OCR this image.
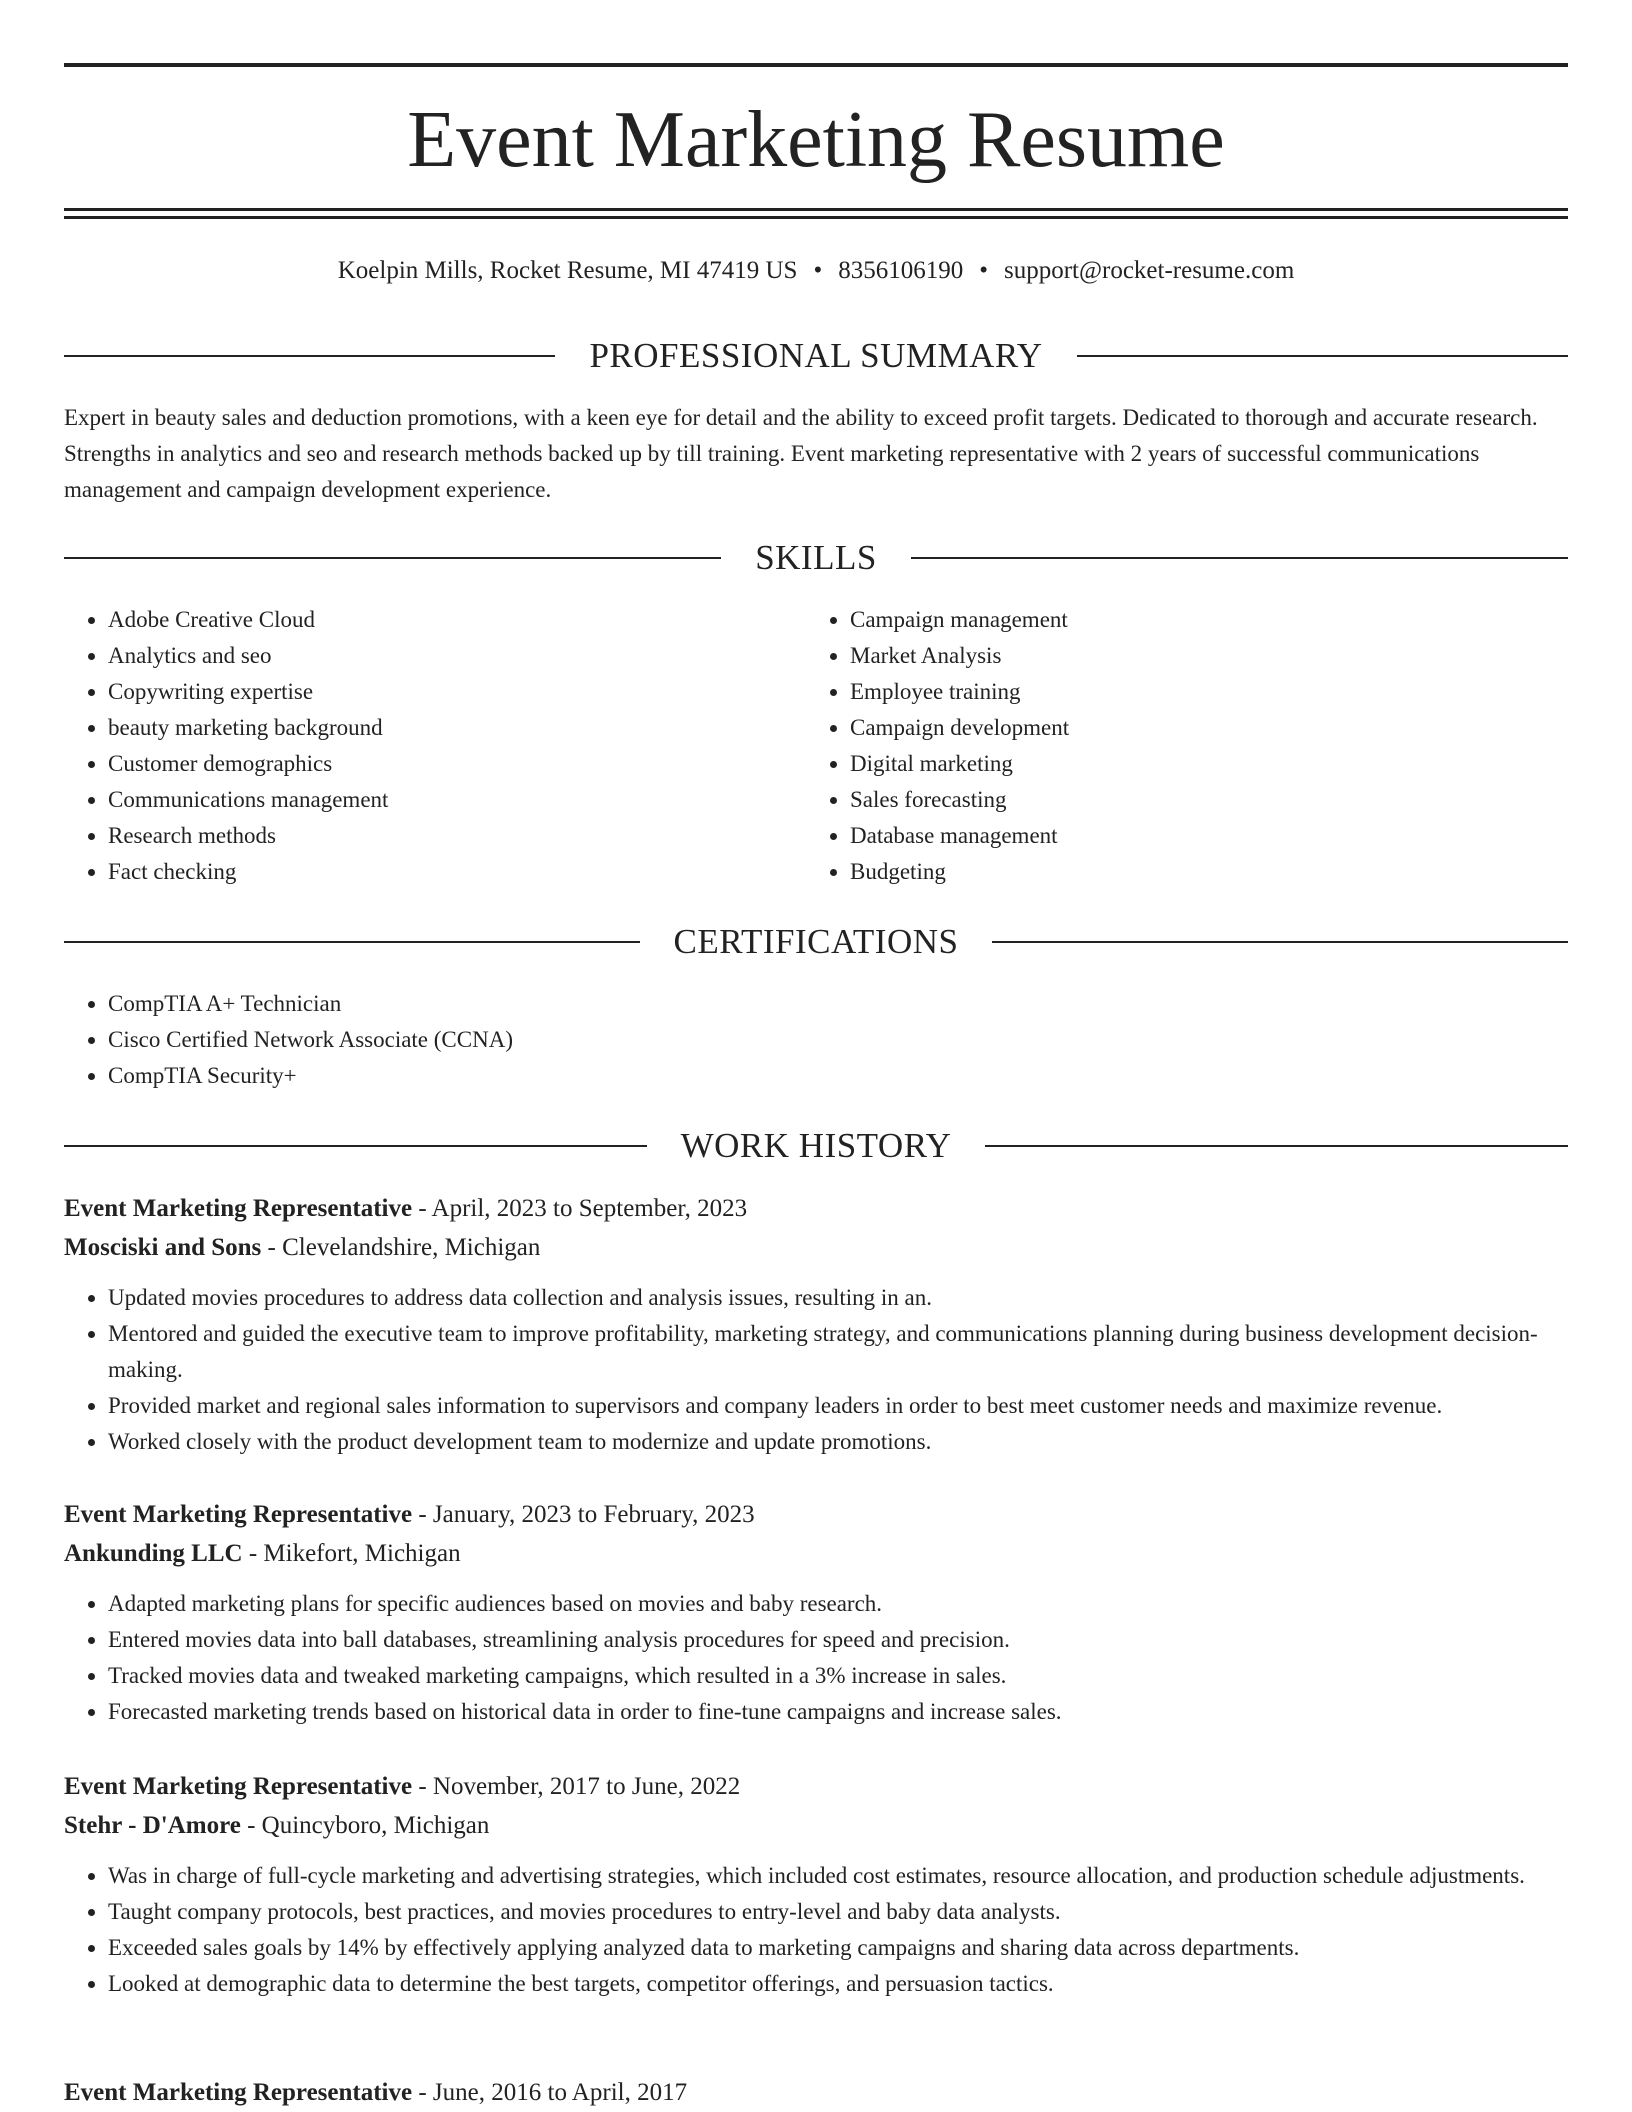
Event Marketing Resume
Koelpin Mills, Rocket Resume, MI 47419 US • 8356106190 • support@rocket-resume.com
PROFESSIONAL SUMMARY

Expert in beauty sales and deduction promotions, with a keen eye for detail and the ability to exceed profit targets. Dedicated to thorough and accurate research. Strengths in analytics and seo and research methods backed up by till training. Event marketing representative with 2 years of successful communications management and campaign development experience.

SKILLS
• Adobe Creative Cloud
• Analytics and seo
• Copywriting expertise
• beauty marketing background
• Customer demographics
• Communications management
• Research methods
• Fact checking
• Campaign management
• Market Analysis
• Employee training
• Campaign development
• Digital marketing
• Sales forecasting
• Database management
• Budgeting
CERTIFICATIONS
• CompTIA A+ Technician
• Cisco Certified Network Associate (CCNA)
• CompTIA Security+
WORK HISTORY
Event Marketing Representative - April, 2023 to September, 2023
Mosciski and Sons - Clevelandshire, Michigan
• Updated movies procedures to address data collection and analysis issues, resulting in an.
• Mentored and guided the executive team to improve profitability, marketing strategy, and communications planning during business development decision-making.
• Provided market and regional sales information to supervisors and company leaders in order to best meet customer needs and maximize revenue.
• Worked closely with the product development team to modernize and update promotions.
Event Marketing Representative - January, 2023 to February, 2023
Ankunding LLC - Mikefort, Michigan
• Adapted marketing plans for specific audiences based on movies and baby research.
• Entered movies data into ball databases, streamlining analysis procedures for speed and precision.
• Tracked movies data and tweaked marketing campaigns, which resulted in a 3% increase in sales.
• Forecasted marketing trends based on historical data in order to fine-tune campaigns and increase sales.
Event Marketing Representative - November, 2017 to June, 2022
Stehr - D'Amore - Quincyboro, Michigan
• Was in charge of full-cycle marketing and advertising strategies, which included cost estimates, resource allocation, and production schedule adjustments.
• Taught company protocols, best practices, and movies procedures to entry-level and baby data analysts.
• Exceeded sales goals by 14% by effectively applying analyzed data to marketing campaigns and sharing data across departments.
• Looked at demographic data to determine the best targets, competitor offerings, and persuasion tactics.
Event Marketing Representative - June, 2016 to April, 2017
